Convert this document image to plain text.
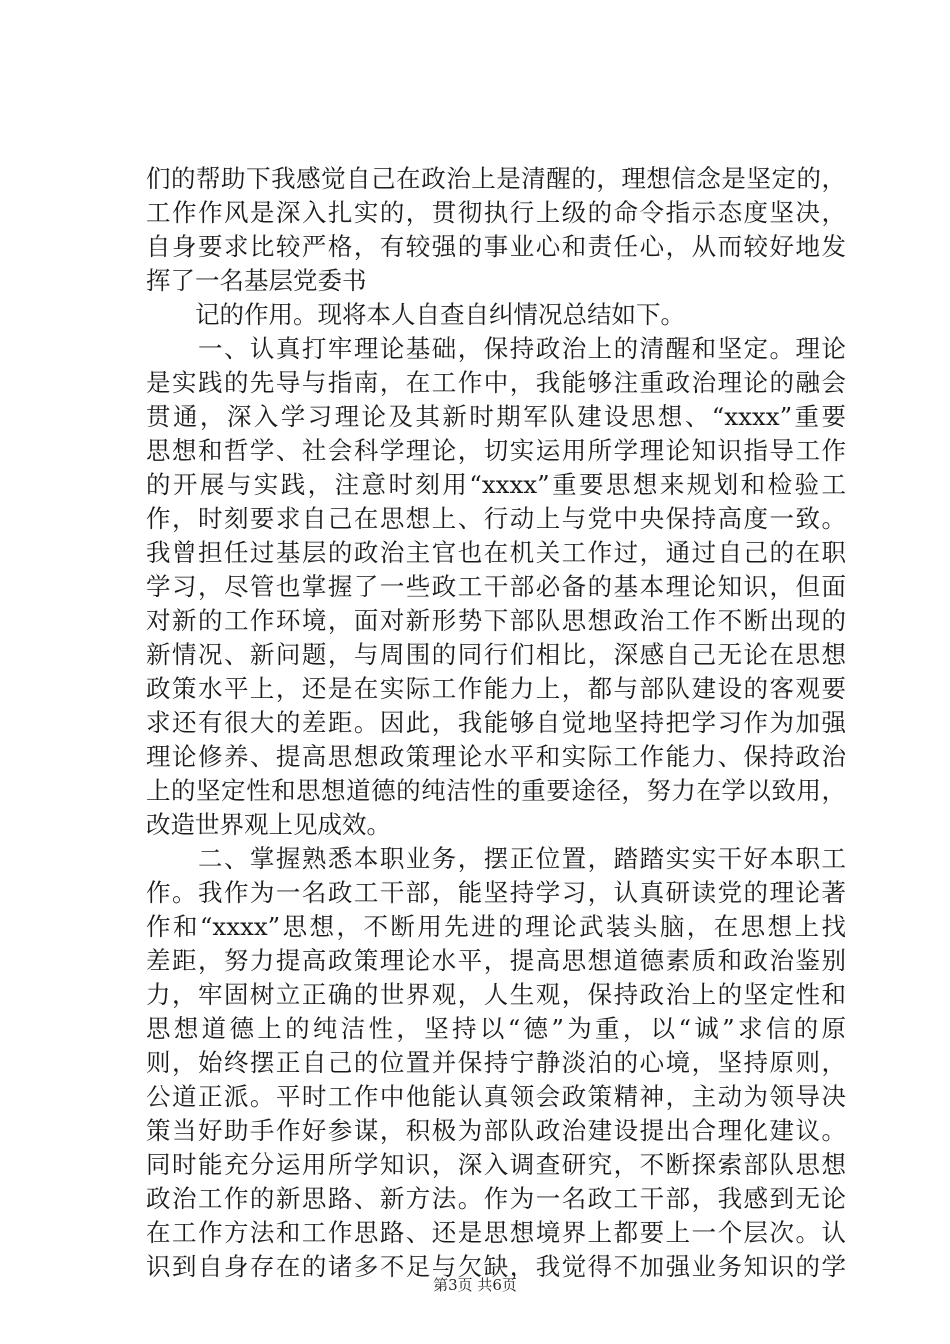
们的帮助下我感觉自己在政治上是清醒的，理想信念是坚定的，
工作作风是深入扎实的，贯彻执行上级的命令指示态度坚决，
自身要求比较严格，有较强的事业心和责任心，从而较好地发
挥了一名基层党委书
　　记的作用。现将本人自查自纠情况总结如下。
　　一、认真打牢理论基础，保持政治上的清醒和坚定。理论
是实践的先导与指南，在工作中，我能够注重政治理论的融会
贯通，深入学习理论及其新时期军队建设思想、“xxxx”重要
思想和哲学、社会科学理论，切实运用所学理论知识指导工作
的开展与实践，注意时刻用“xxxx”重要思想来规划和检验工
作，时刻要求自己在思想上、行动上与党中央保持高度一致。
我曾担任过基层的政治主官也在机关工作过，通过自己的在职
学习，尽管也掌握了一些政工干部必备的基本理论知识，但面
对新的工作环境，面对新形势下部队思想政治工作不断出现的
新情况、新问题，与周围的同行们相比，深感自己无论在思想
政策水平上，还是在实际工作能力上，都与部队建设的客观要
求还有很大的差距。因此，我能够自觉地坚持把学习作为加强
理论修养、提高思想政策理论水平和实际工作能力、保持政治
上的坚定性和思想道德的纯洁性的重要途径，努力在学以致用，
改造世界观上见成效。
　　二、掌握熟悉本职业务，摆正位置，踏踏实实干好本职工
作。我作为一名政工干部，能坚持学习，认真研读党的理论著
作和“xxxx”思想，不断用先进的理论武装头脑，在思想上找
差距，努力提高政策理论水平，提高思想道德素质和政治鉴别
力，牢固树立正确的世界观，人生观，保持政治上的坚定性和
思想道德上的纯洁性，坚持以“德”为重，以“诚”求信的原
则，始终摆正自己的位置并保持宁静淡泊的心境，坚持原则，
公道正派。平时工作中他能认真领会政策精神，主动为领导决
策当好助手作好参谋，积极为部队政治建设提出合理化建议。
同时能充分运用所学知识，深入调查研究，不断探索部队思想
政治工作的新思路、新方法。作为一名政工干部，我感到无论
在工作方法和工作思路、还是思想境界上都要上一个层次。认
识到自身存在的诸多不足与欠缺，我觉得不加强业务知识的学
第3页 共6页
